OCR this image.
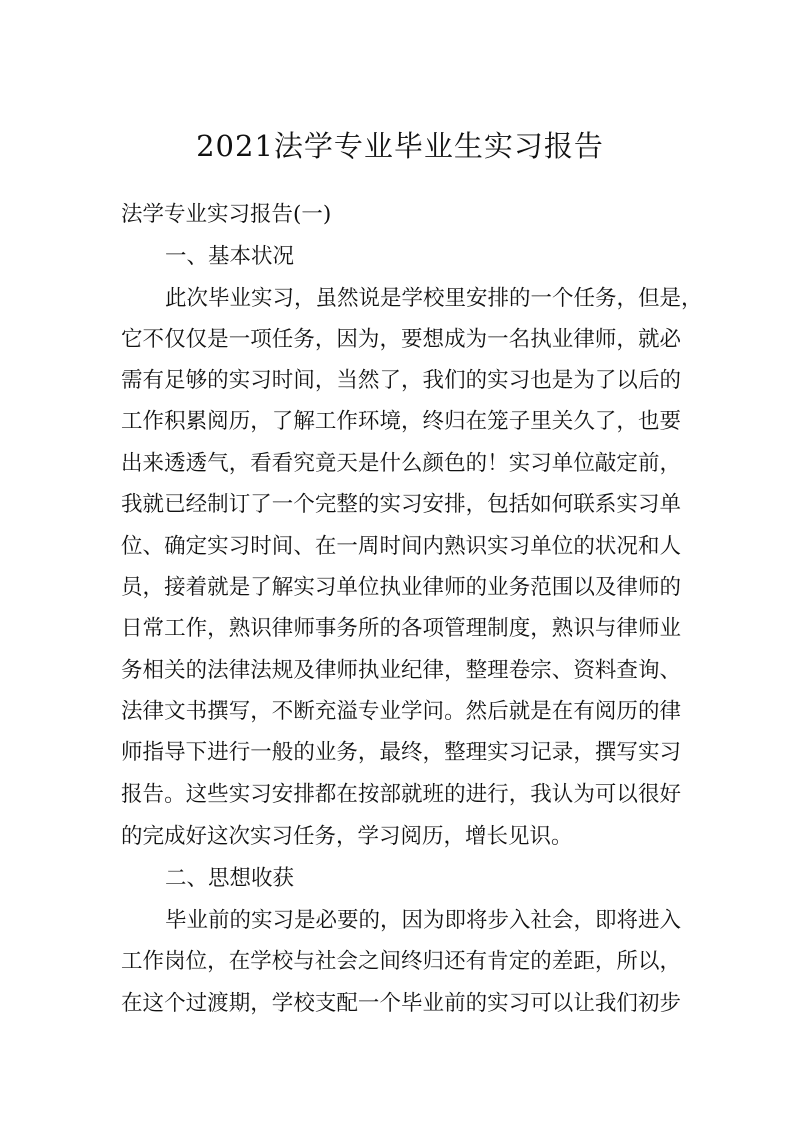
2021法学专业毕业生实习报告
法学专业实习报告(一)
一、基本状况
此次毕业实习，虽然说是学校里安排的一个任务，但是，
它不仅仅是一项任务，因为，要想成为一名执业律师，就必
需有足够的实习时间，当然了，我们的实习也是为了以后的
工作积累阅历，了解工作环境，终归在笼子里关久了，也要
出来透透气，看看究竟天是什么颜色的！实习单位敲定前，
我就已经制订了一个完整的实习安排，包括如何联系实习单
位、确定实习时间、在一周时间内熟识实习单位的状况和人
员，接着就是了解实习单位执业律师的业务范围以及律师的
日常工作，熟识律师事务所的各项管理制度，熟识与律师业
务相关的法律法规及律师执业纪律，整理卷宗、资料查询、
法律文书撰写，不断充溢专业学问。然后就是在有阅历的律
师指导下进行一般的业务，最终，整理实习记录，撰写实习
报告。这些实习安排都在按部就班的进行，我认为可以很好
的完成好这次实习任务，学习阅历，增长见识。
二、思想收获
毕业前的实习是必要的，因为即将步入社会，即将进入
工作岗位，在学校与社会之间终归还有肯定的差距，所以，
在这个过渡期，学校支配一个毕业前的实习可以让我们初步
